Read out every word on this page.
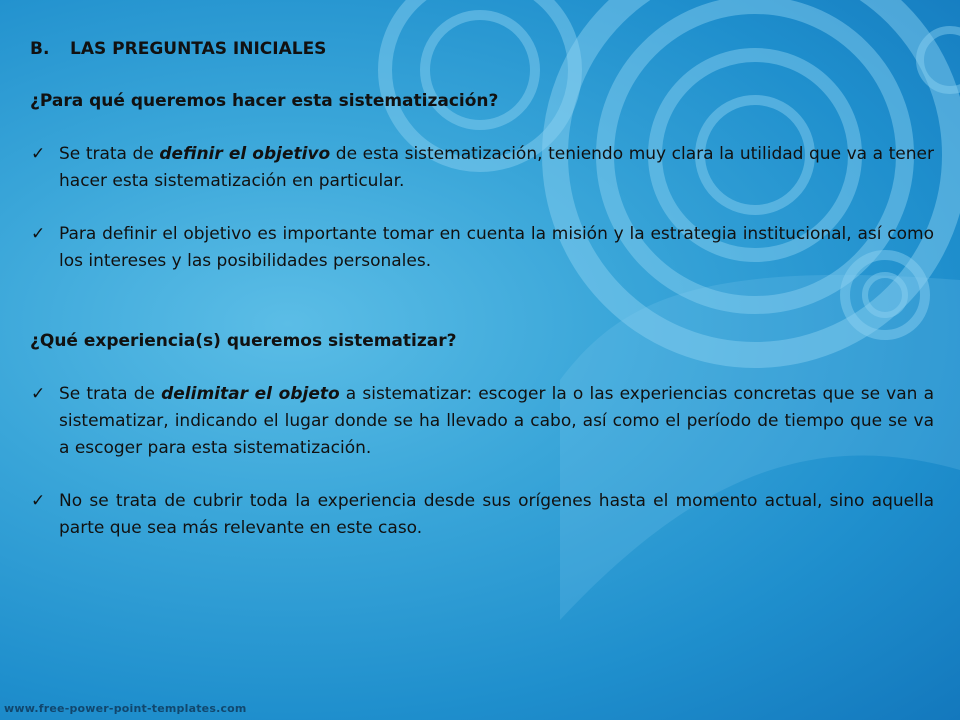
B. LAS PREGUNTAS INICIALES

¿Para qué queremos hacer esta sistematización?

✓ Se trata de definir el objetivo de esta sistematización, teniendo muy clara la utilidad que va a tener hacer esta sistematización en particular.

✓ Para definir el objetivo es importante tomar en cuenta la misión y la estrategia institucional, así como los intereses y las posibilidades personales.

¿Qué experiencia(s) queremos sistematizar?

✓ Se trata de delimitar el objeto a sistematizar: escoger la o las experiencias concretas que se van a sistematizar, indicando el lugar donde se ha llevado a cabo, así como el período de tiempo que se va a escoger para esta sistematización.

✓ No se trata de cubrir toda la experiencia desde sus orígenes hasta el momento actual, sino aquella parte que sea más relevante en este caso.

www.free-power-point-templates.com
